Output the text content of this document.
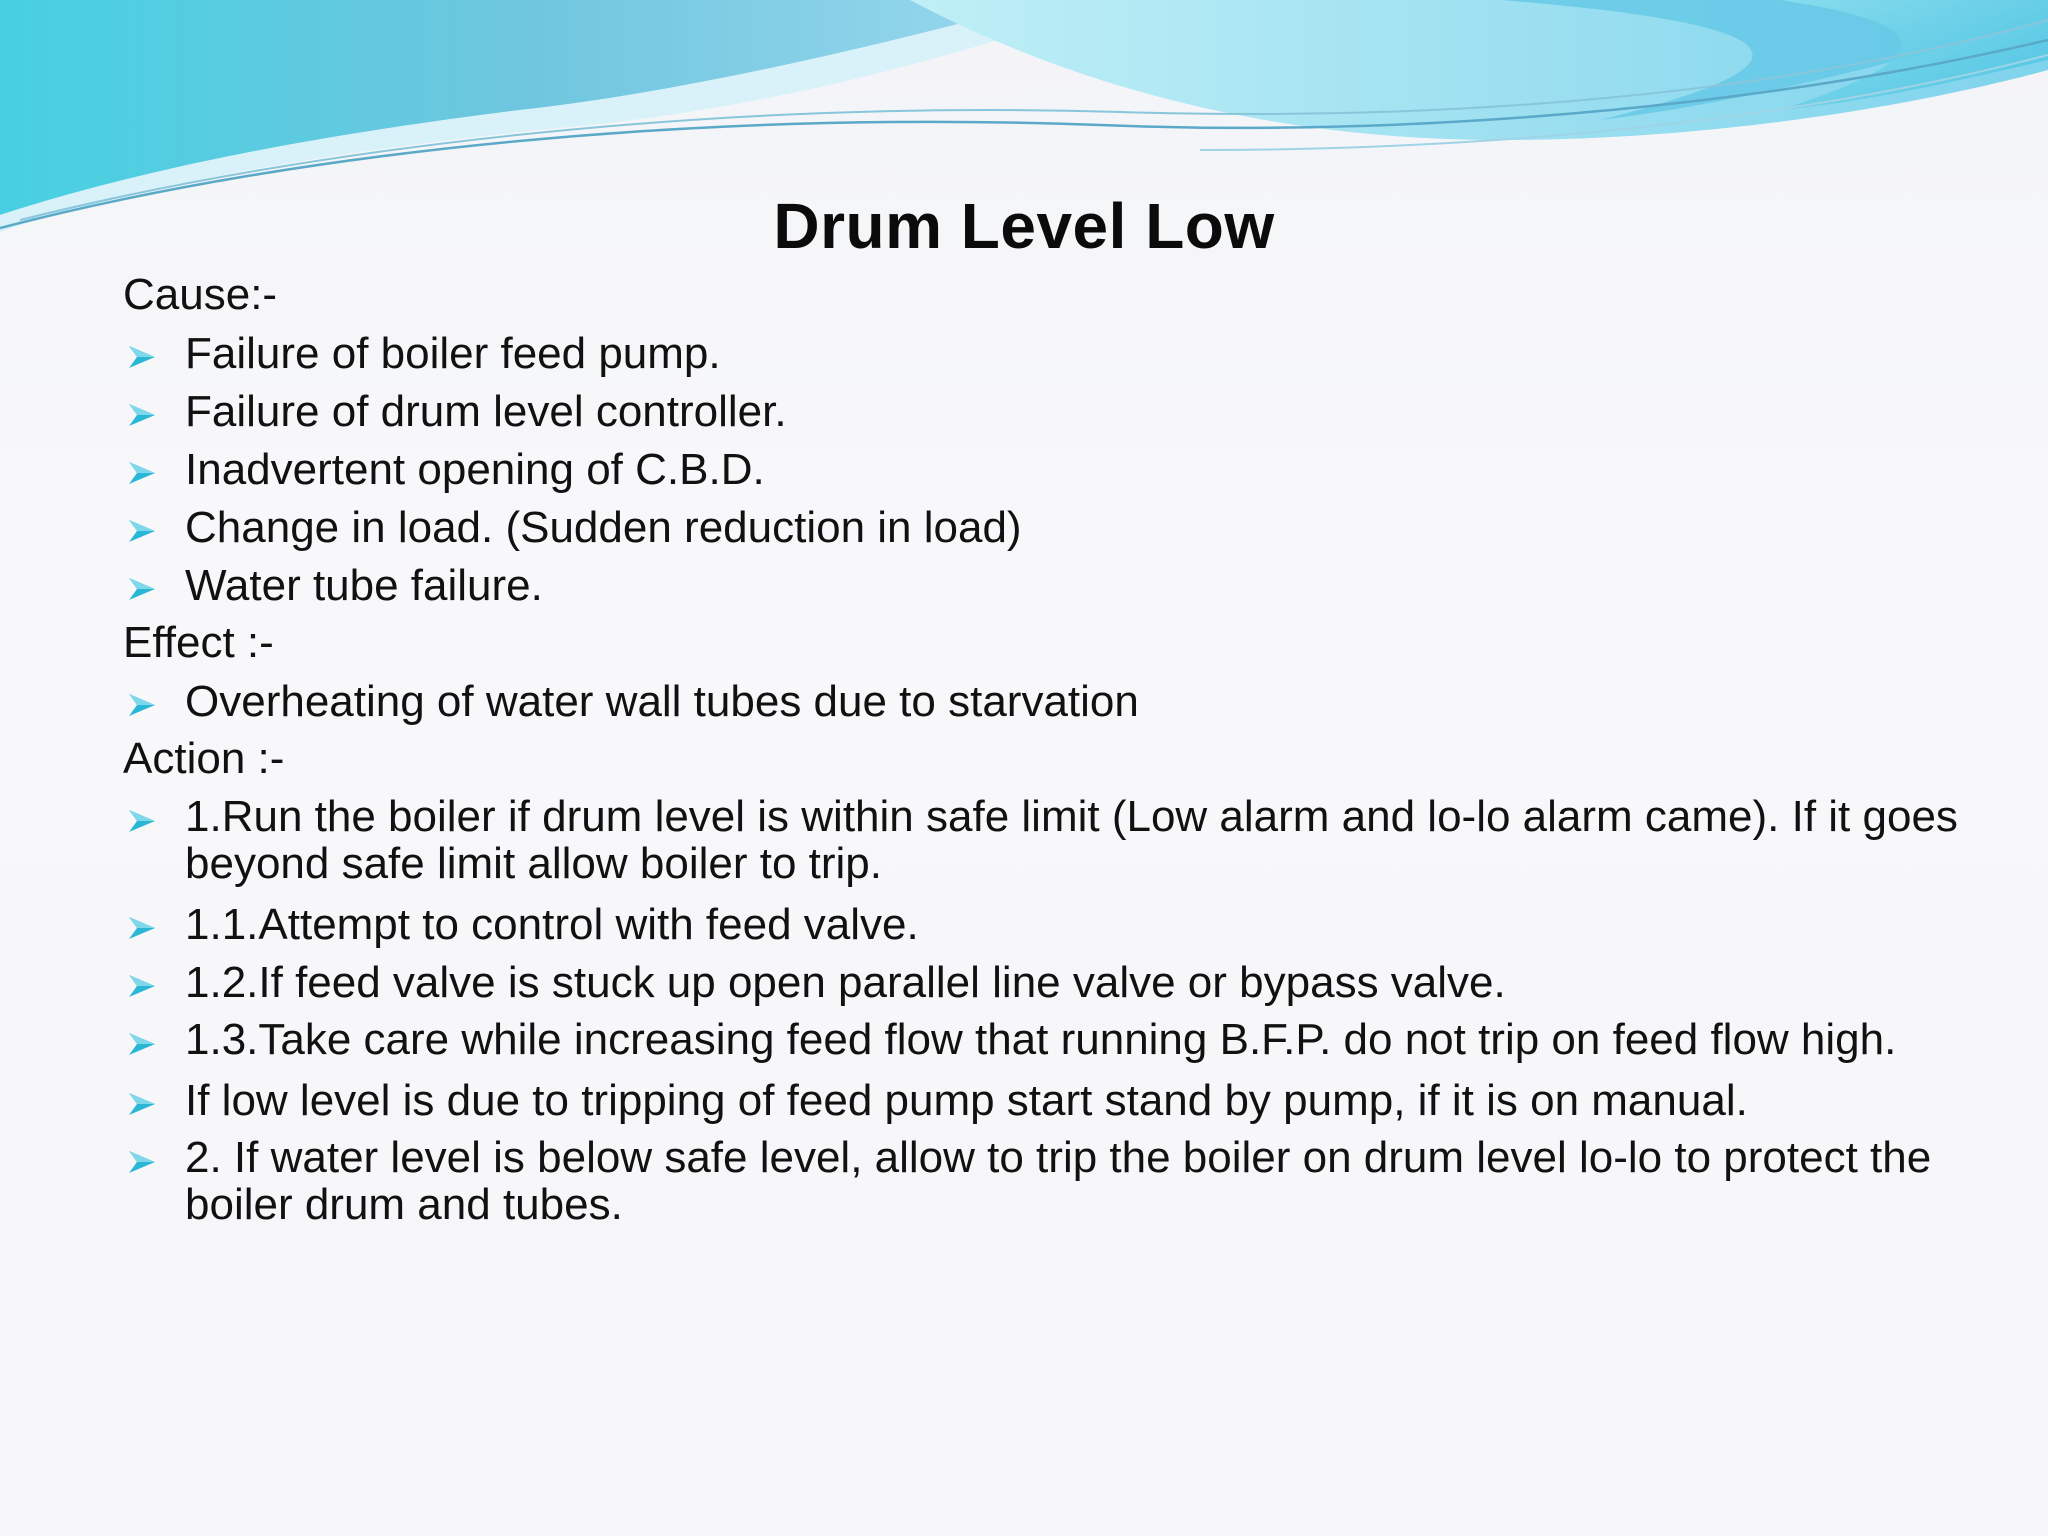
Drum Level Low
Cause:-
Failure of boiler feed pump.
Failure of drum level controller.
Inadvertent opening of C.B.D.
Change in load. (Sudden reduction in load)
Water tube failure.
Effect :-
Overheating of water wall tubes due to starvation
Action :-
1.Run the boiler if drum level is within safe limit (Low alarm and lo-lo alarm came). If it goes beyond safe limit allow boiler to trip.
1.1.Attempt to control with feed valve.
1.2.If feed valve is stuck up open parallel line valve or bypass valve.
1.3.Take care while increasing feed flow that running B.F.P. do not trip on feed flow high.
If low level is due to tripping of feed pump start stand by pump, if it is on manual.
2. If water level is below safe level, allow to trip the boiler on drum level lo-lo to protect the boiler drum and tubes.
